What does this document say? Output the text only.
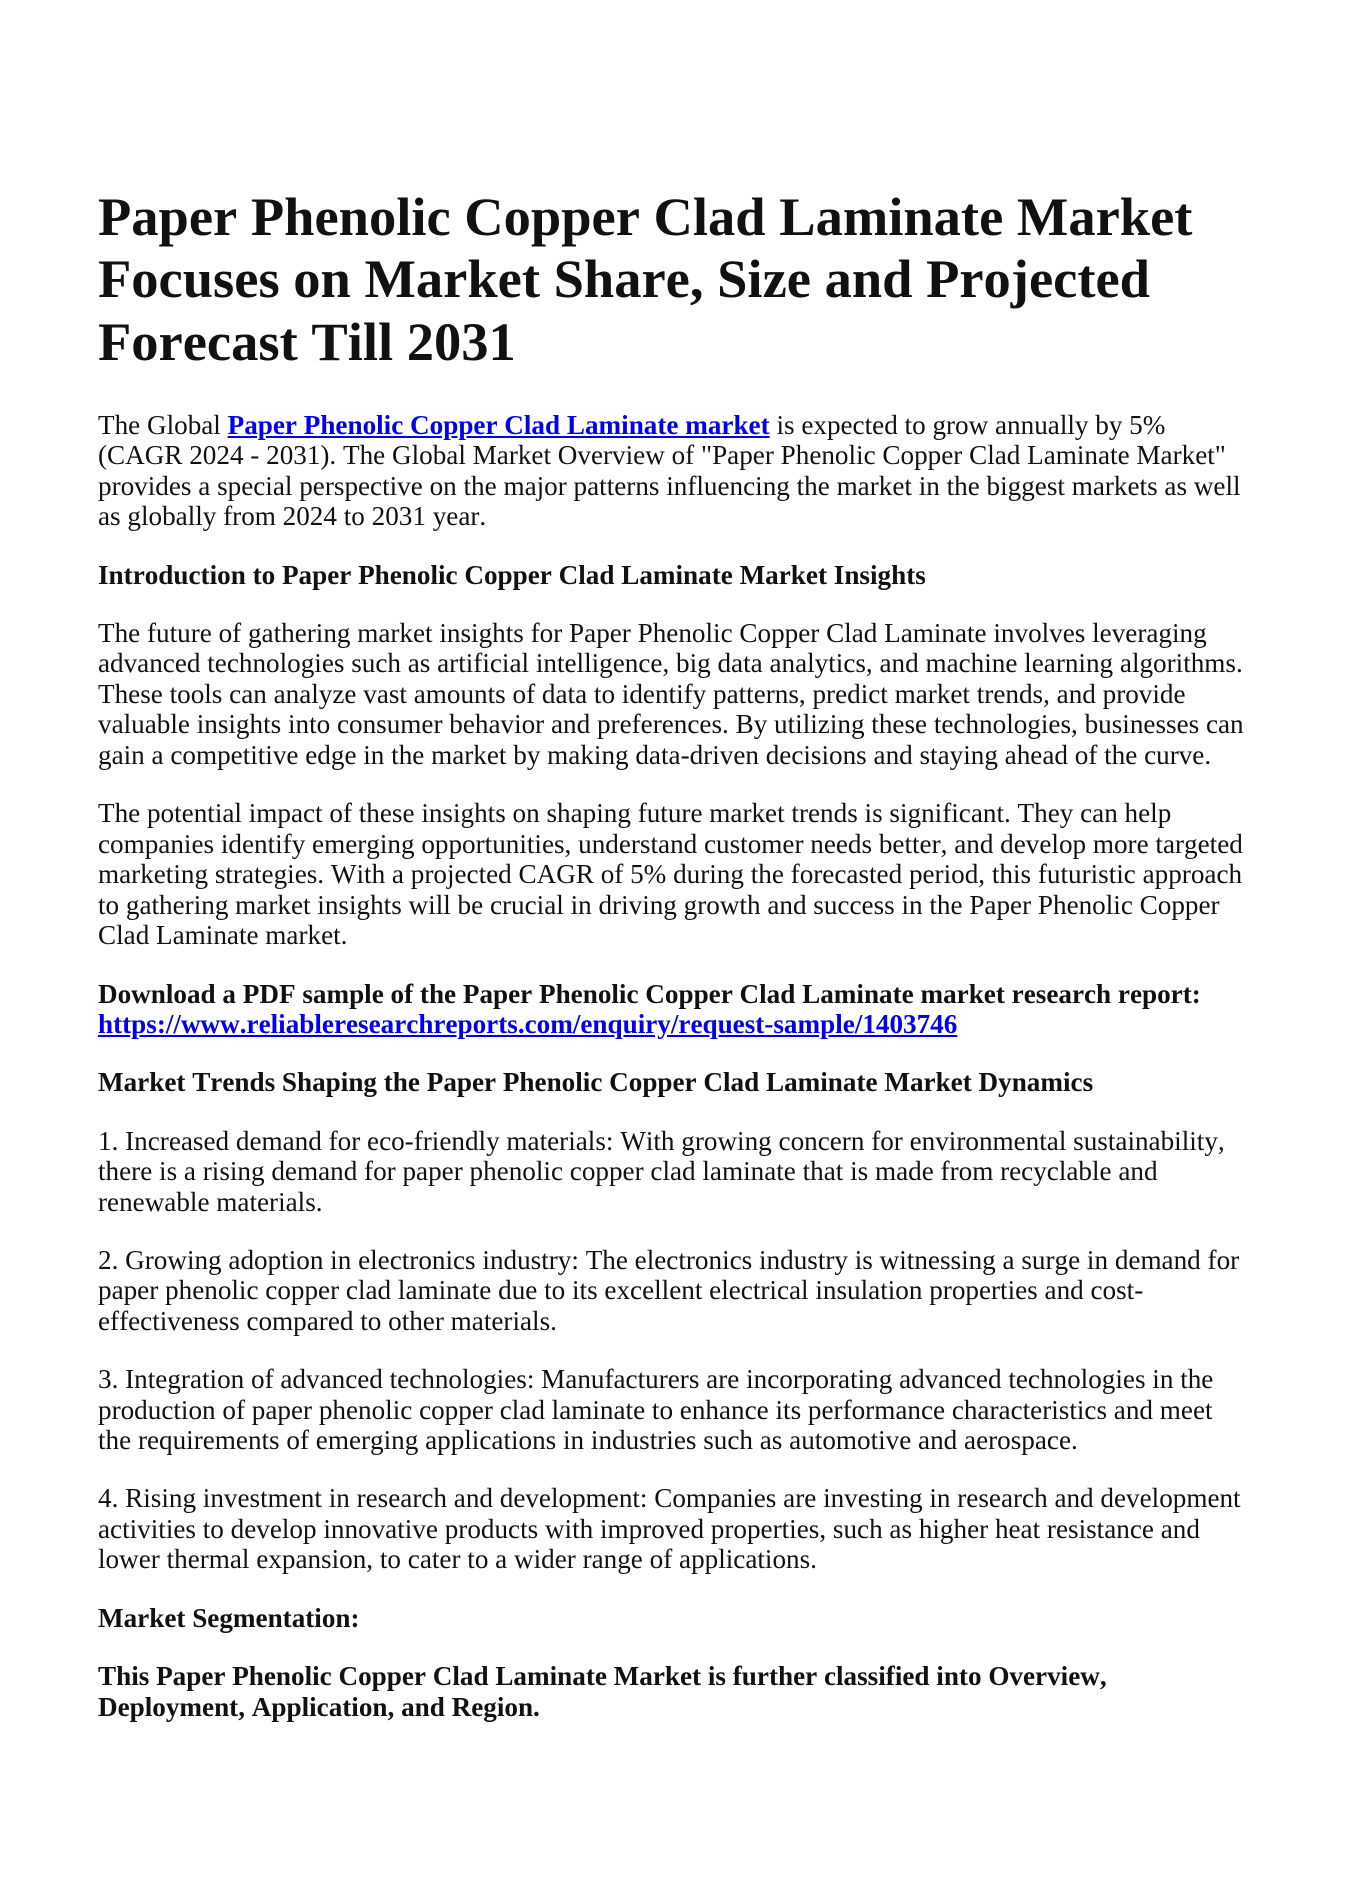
Paper Phenolic Copper Clad Laminate Market Focuses on Market Share, Size and Projected Forecast Till 2031

The Global Paper Phenolic Copper Clad Laminate market is expected to grow annually by 5% (CAGR 2024 - 2031). The Global Market Overview of "Paper Phenolic Copper Clad Laminate Market" provides a special perspective on the major patterns influencing the market in the biggest markets as well as globally from 2024 to 2031 year.

Introduction to Paper Phenolic Copper Clad Laminate Market Insights

The future of gathering market insights for Paper Phenolic Copper Clad Laminate involves leveraging advanced technologies such as artificial intelligence, big data analytics, and machine learning algorithms. These tools can analyze vast amounts of data to identify patterns, predict market trends, and provide valuable insights into consumer behavior and preferences. By utilizing these technologies, businesses can gain a competitive edge in the market by making data-driven decisions and staying ahead of the curve.

The potential impact of these insights on shaping future market trends is significant. They can help companies identify emerging opportunities, understand customer needs better, and develop more targeted marketing strategies. With a projected CAGR of 5% during the forecasted period, this futuristic approach to gathering market insights will be crucial in driving growth and success in the Paper Phenolic Copper Clad Laminate market.

Download a PDF sample of the Paper Phenolic Copper Clad Laminate market research report: https://www.reliableresearchreports.com/enquiry/request-sample/1403746

Market Trends Shaping the Paper Phenolic Copper Clad Laminate Market Dynamics

1. Increased demand for eco-friendly materials: With growing concern for environmental sustainability, there is a rising demand for paper phenolic copper clad laminate that is made from recyclable and renewable materials.

2. Growing adoption in electronics industry: The electronics industry is witnessing a surge in demand for paper phenolic copper clad laminate due to its excellent electrical insulation properties and cost-effectiveness compared to other materials.

3. Integration of advanced technologies: Manufacturers are incorporating advanced technologies in the production of paper phenolic copper clad laminate to enhance its performance characteristics and meet the requirements of emerging applications in industries such as automotive and aerospace.

4. Rising investment in research and development: Companies are investing in research and development activities to develop innovative products with improved properties, such as higher heat resistance and lower thermal expansion, to cater to a wider range of applications.

Market Segmentation:

This Paper Phenolic Copper Clad Laminate Market is further classified into Overview, Deployment, Application, and Region.
